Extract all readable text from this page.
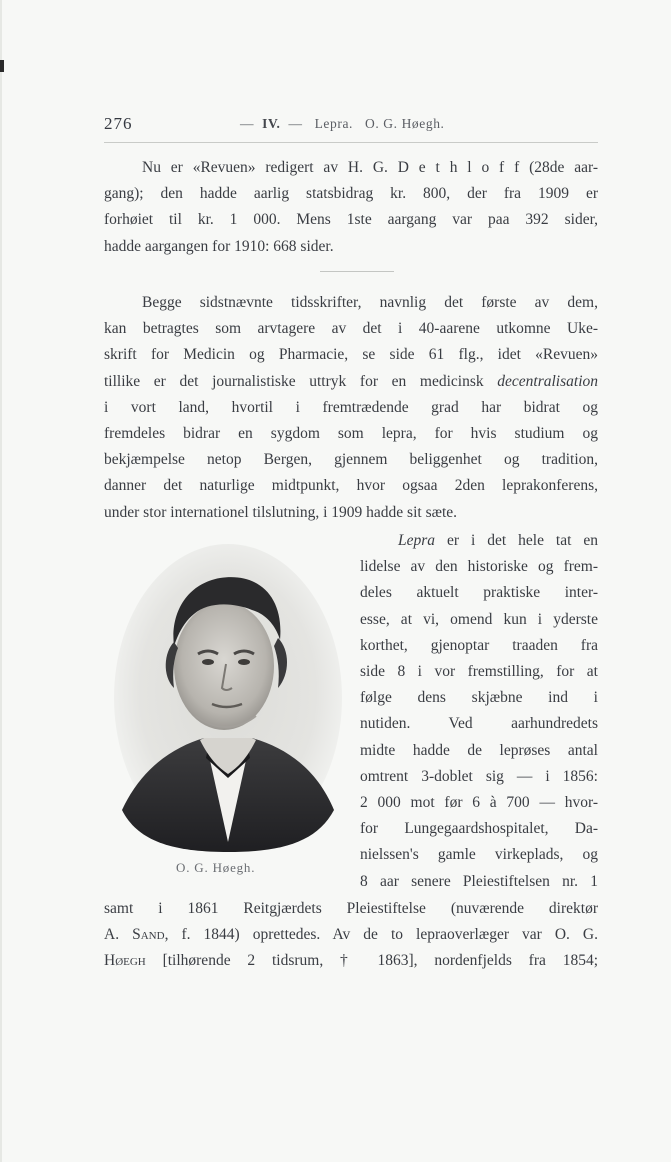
276	— IV. — Lepra. O. G. Høegh.
Nu er «Revuen» redigert av H. G. D e t h l o f f (28de aar-
gang); den hadde aarlig statsbidrag kr. 800, der fra 1909 er
forhøiet til kr. 1 000. Mens 1ste aargang var paa 392 sider,
hadde aargangen for 1910: 668 sider.
Begge sidstnævnte tidsskrifter, navnlig det første av dem,
kan betragtes som arvtagere av det i 40-aarene utkomne Uke-
skrift for Medicin og Pharmacie, se side 61 flg., idet «Revuen»
tillike er det journalistiske uttryk for en medicinsk decentralisation
i vort land, hvortil i fremtrædende grad har bidrat og
fremdeles bidrar en sygdom som lepra, for hvis studium og
bekjæmpelse netop Bergen, gjennem beliggenhet og tradition,
danner det naturlige midtpunkt, hvor ogsaa 2den leprakonferens,
under stor internationel tilslutning, i 1909 hadde sit sæte.
O. G. Høegh.
Lepra er i det hele tat en
lidelse av den historiske og frem-
deles aktuelt praktiske inter-
esse, at vi, omend kun i yderste
korthet, gjenoptar traaden fra
side 8 i vor fremstilling, for at
følge dens skjæbne ind i
nutiden. Ved aarhundredets
midte hadde de leprøses antal
omtrent 3-doblet sig — i 1856:
2 000 mot før 6 à 700 — hvor-
for Lungegaardshospitalet, Da-
nielssen's gamle virkeplads, og
8 aar senere Pleiestiftelsen nr. 1
samt i 1861 Reitgjærdets Pleiestiftelse (nuværende direktør
A. Sand, f. 1844) oprettedes. Av de to lepraoverlæger var O. G.
Høegh [tilhørende 2 tidsrum, † 1863], nordenfjelds fra 1854;
